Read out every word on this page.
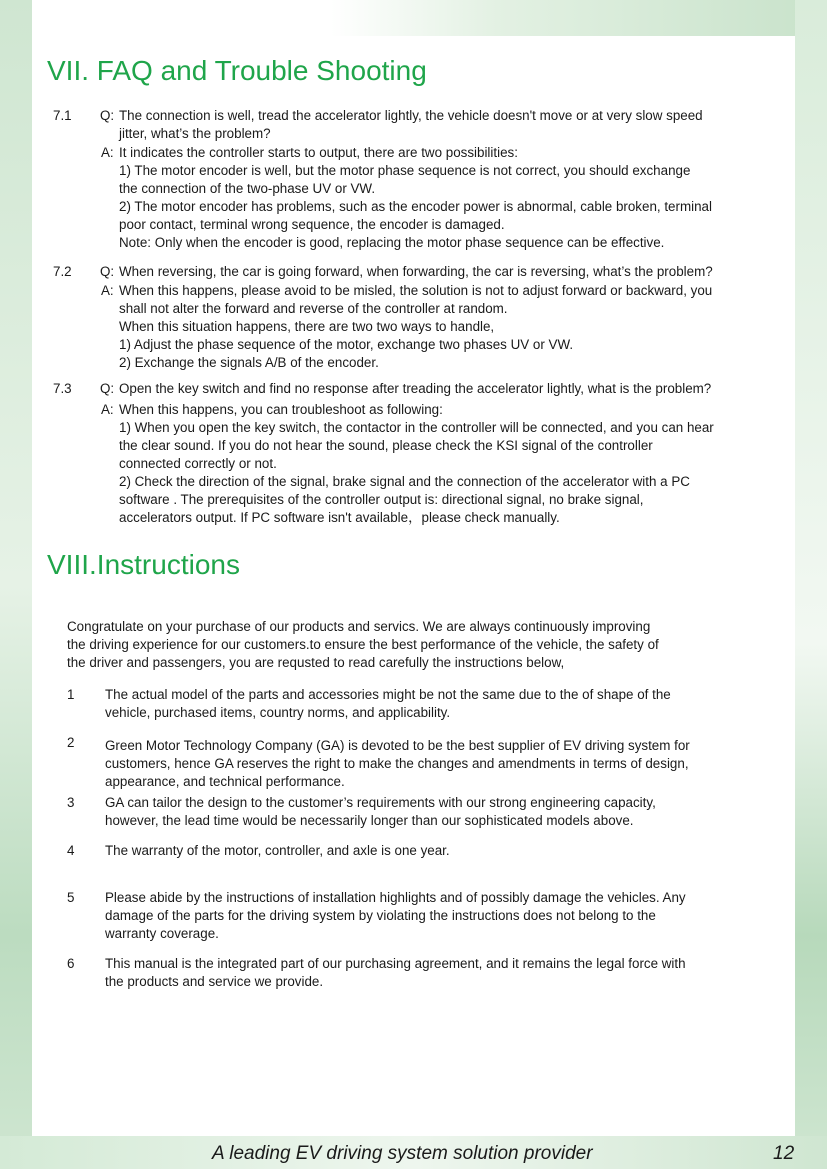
VII. FAQ and Trouble Shooting
7.1 Q: The connection is well, tread the accelerator lightly, the vehicle doesn't move or at very slow speed
jitter, what’s the problem?
A: It indicates the controller starts to output, there are two possibilities:
1) The motor encoder is well, but the motor phase sequence is not correct, you should exchange
the connection of the two-phase UV or VW.
2) The motor encoder has problems, such as the encoder power is abnormal, cable broken, terminal
poor contact, terminal wrong sequence, the encoder is damaged.
Note: Only when the encoder is good, replacing the motor phase sequence can be effective.
7.2 Q: When reversing, the car is going forward, when forwarding, the car is reversing, what’s the problem?
A: When this happens, please avoid to be misled, the solution is not to adjust forward or backward, you
shall not alter the forward and reverse of the controller at random.
When this situation happens, there are two two ways to handle,
1) Adjust the phase sequence of the motor, exchange two phases UV or VW.
2) Exchange the signals A/B of the encoder.
7.3 Q: Open the key switch and find no response after treading the accelerator lightly, what is the problem?
A: When this happens, you can troubleshoot as following:
1) When you open the key switch, the contactor in the controller will be connected, and you can hear
the clear sound. If you do not hear the sound, please check the KSI signal of the controller
connected correctly or not.
2) Check the direction of the signal, brake signal and the connection of the accelerator with a PC
software . The prerequisites of the controller output is: directional signal, no brake signal,
accelerators output. If PC software isn't available，please check manually.
VIII.Instructions
Congratulate on your purchase of our products and servics. We are always continuously improving
the driving experience for our customers.to ensure the best performance of the vehicle, the safety of
the driver and passengers, you are requsted to read carefully the instructions below,
1 The actual model of the parts and accessories might be not the same due to the of shape of the
vehicle, purchased items, country norms, and applicability.
2 Green Motor Technology Company (GA) is devoted to be the best supplier of EV driving system for
customers, hence GA reserves the right to make the changes and amendments in terms of design,
appearance, and technical performance.
3 GA can tailor the design to the customer’s requirements with our strong engineering capacity,
however, the lead time would be necessarily longer than our sophisticated models above.
4 The warranty of the motor, controller, and axle is one year.
5 Please abide by the instructions of installation highlights and of possibly damage the vehicles. Any
damage of the parts for the driving system by violating the instructions does not belong to the
warranty coverage.
6 This manual is the integrated part of our purchasing agreement, and it remains the legal force with
the products and service we provide.
A leading EV driving system solution provider	12
